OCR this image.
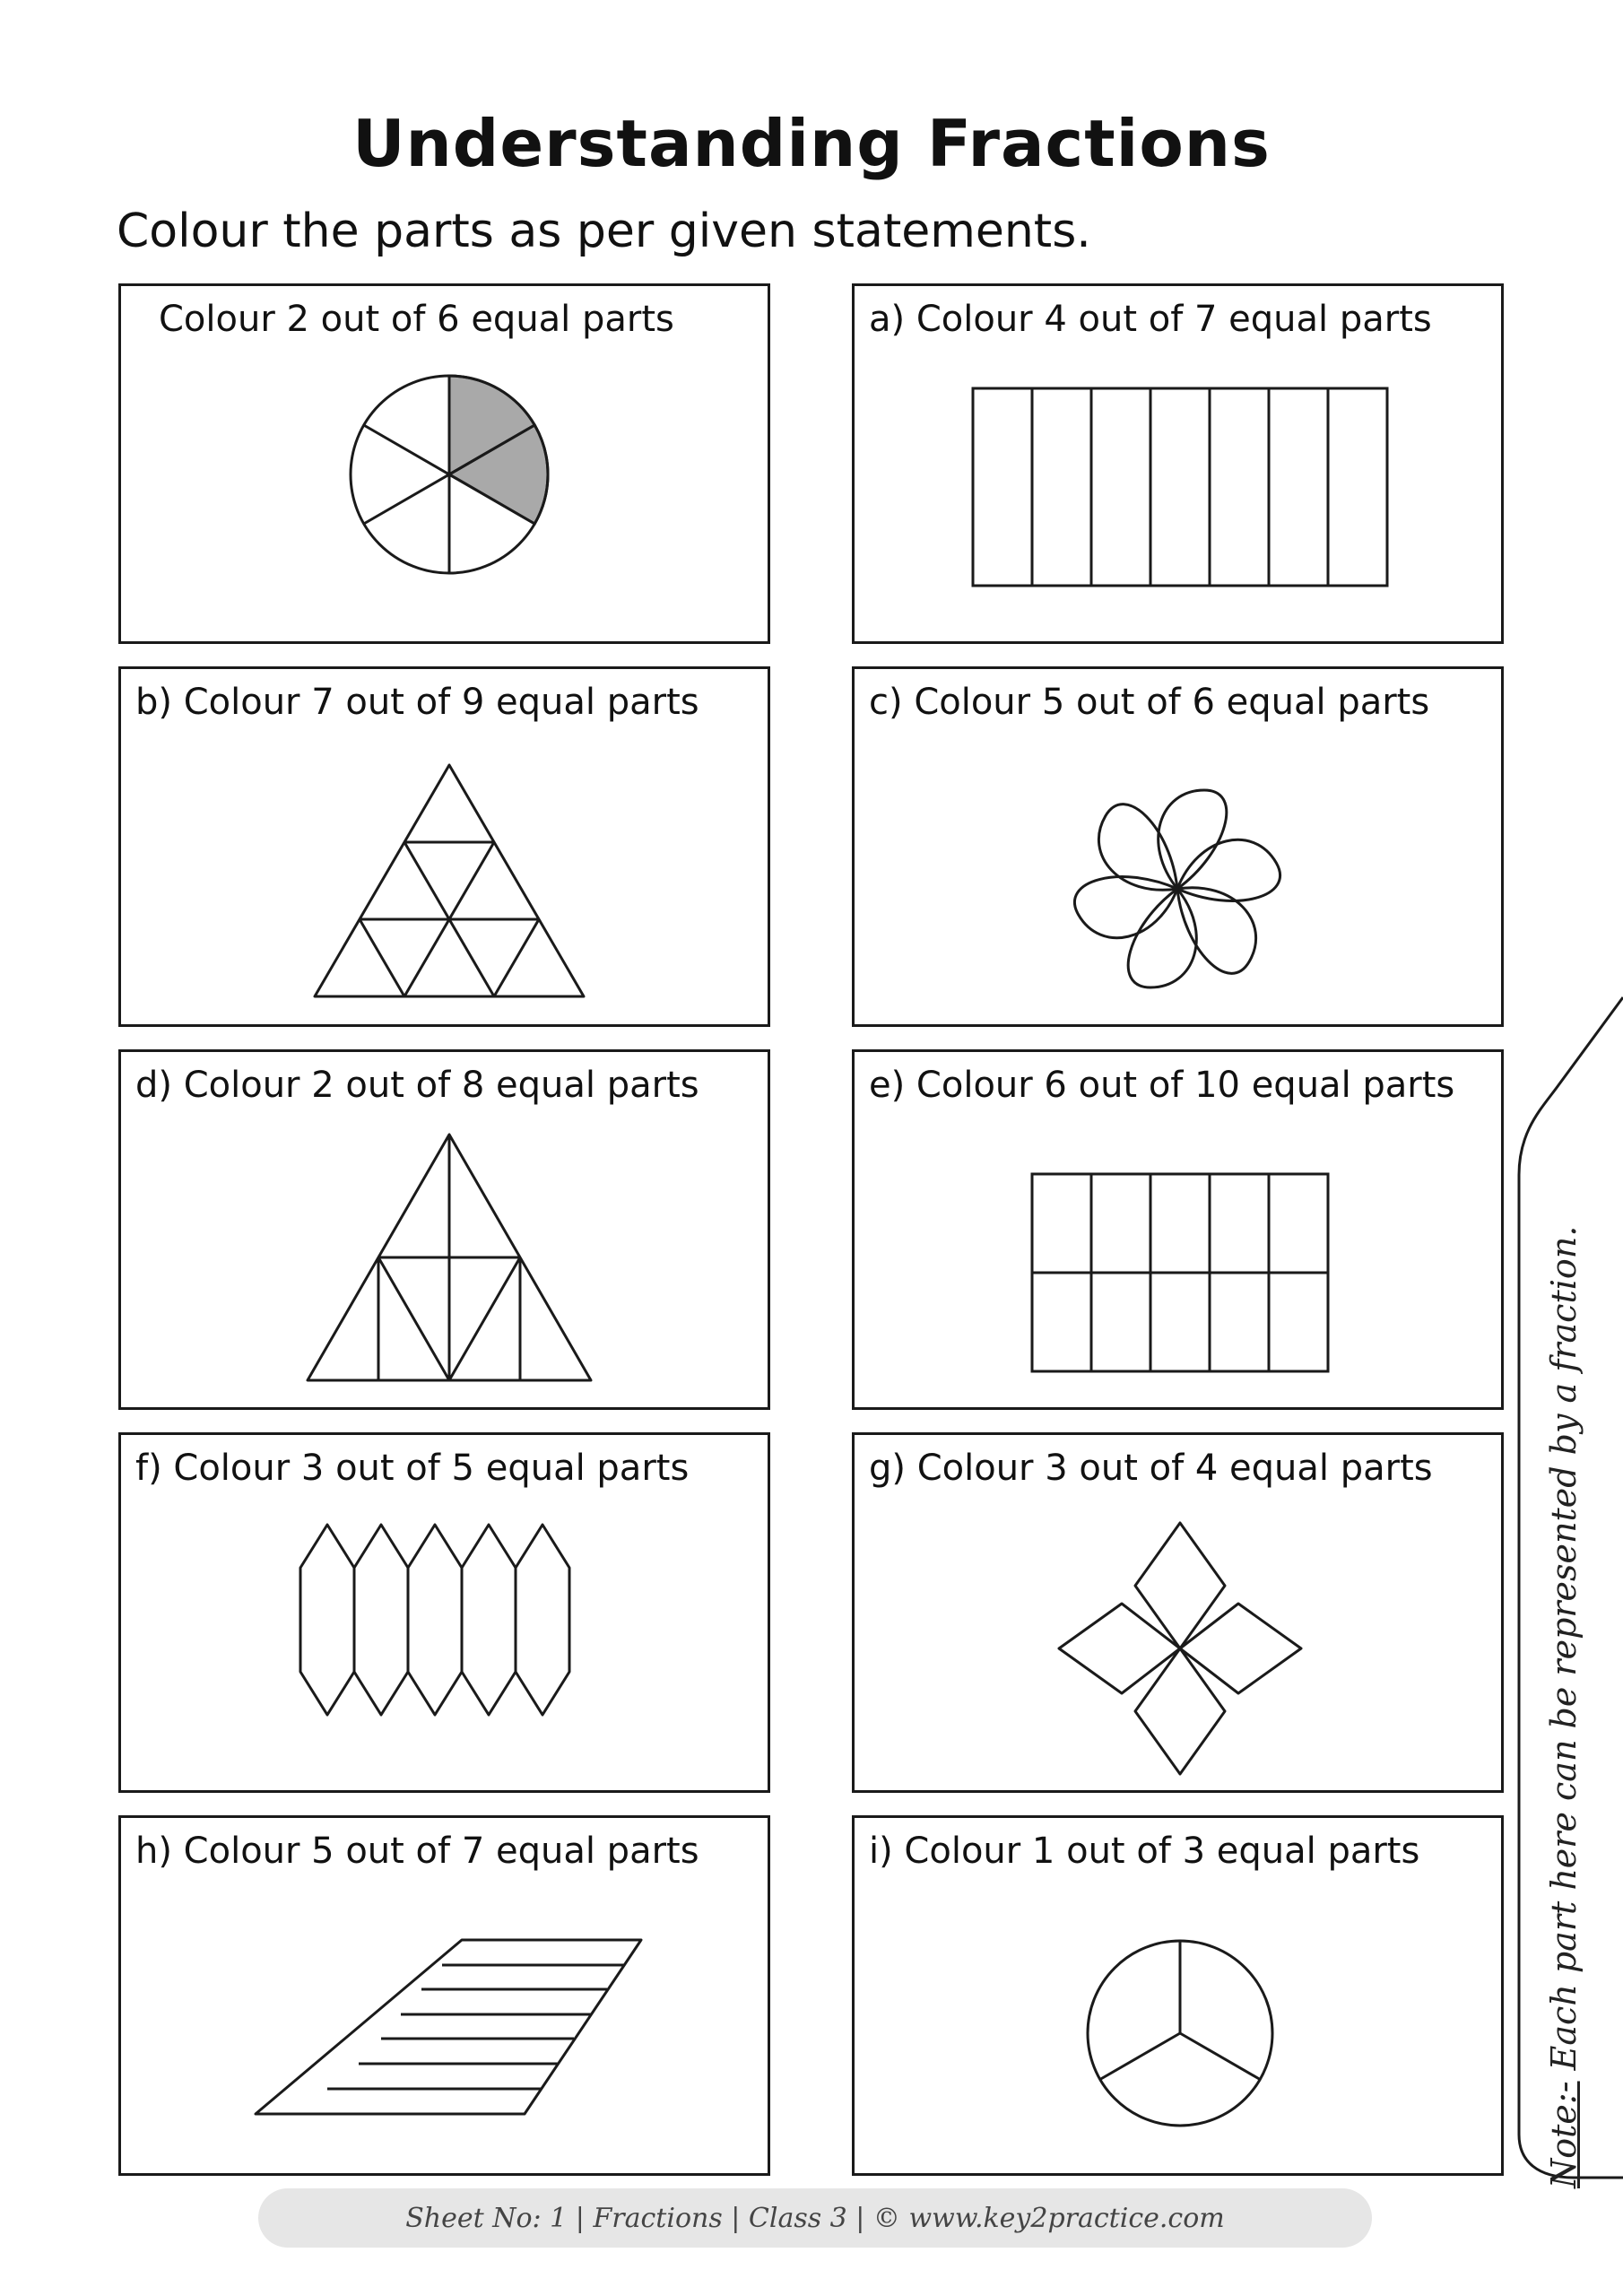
Understanding Fractions
Colour the parts as per given statements.
Colour 2 out of 6 equal parts	a) Colour 4 out of 7 equal parts
b) Colour 7 out of 9 equal parts	c) Colour 5 out of 6 equal parts
d) Colour 2 out of 8 equal parts	e) Colour 6 out of 10 equal parts
f) Colour 3 out of 5 equal parts	g) Colour 3 out of 4 equal parts
h) Colour 5 out of 7 equal parts	i) Colour 1 out of 3 equal parts
Note:- Each part here can be represented by a fraction.
Sheet No: 1 | Fractions | Class 3 | © www.key2practice.com
